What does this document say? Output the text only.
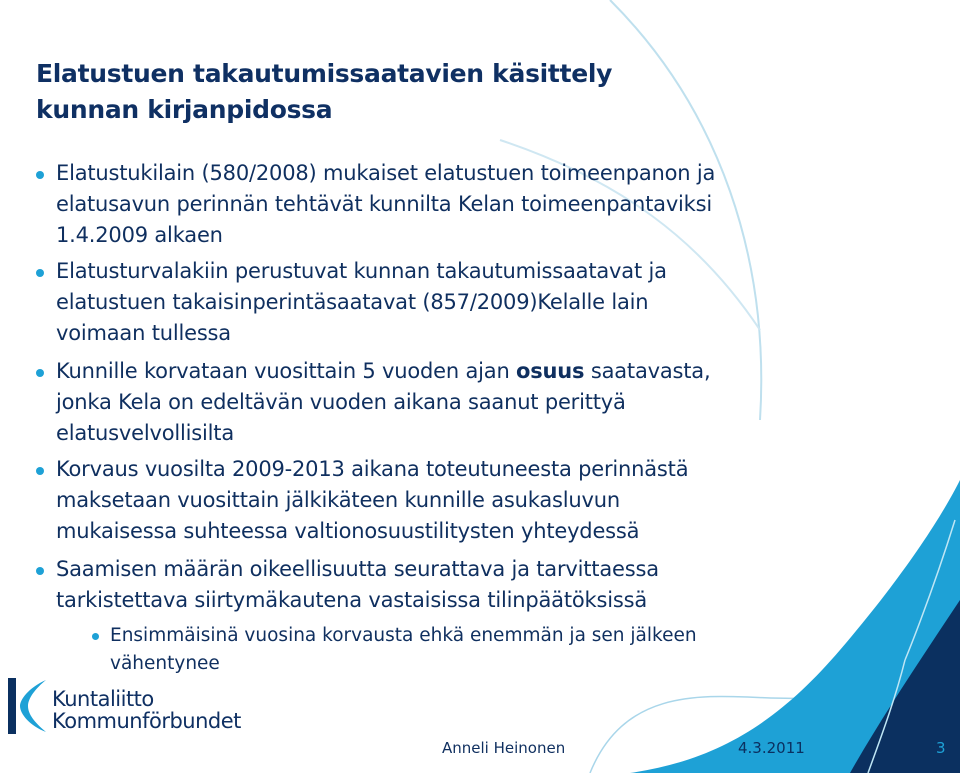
Elatustuen takautumissaatavien käsittely
kunnan kirjanpidossa
Elatustukilain (580/2008) mukaiset elatustuen toimeenpanon ja
elatusavun perinnän tehtävät kunnilta Kelan toimeenpantaviksi
1.4.2009 alkaen
Elatusturvalakiin perustuvat kunnan takautumissaatavat ja
elatustuen takaisinperintäsaatavat (857/2009)Kelalle lain
voimaan tullessa
Kunnille korvataan vuosittain 5 vuoden ajan osuus saatavasta,
jonka Kela on edeltävän vuoden aikana saanut perittyä
elatusvelvollisilta
Korvaus vuosilta 2009-2013 aikana toteutuneesta perinnästä
maksetaan vuosittain jälkikäteen kunnille asukasluvun
mukaisessa suhteessa valtionosuustilitysten yhteydessä
Saamisen määrän oikeellisuutta seurattava ja tarvittaessa
tarkistettava siirtymäkautena vastaisissa tilinpäätöksissä
Ensimmäisinä vuosina korvausta ehkä enemmän ja sen jälkeen
vähentynee
Kuntaliitto
Kommunförbundet
Anneli Heinonen	4.3.2011	3
